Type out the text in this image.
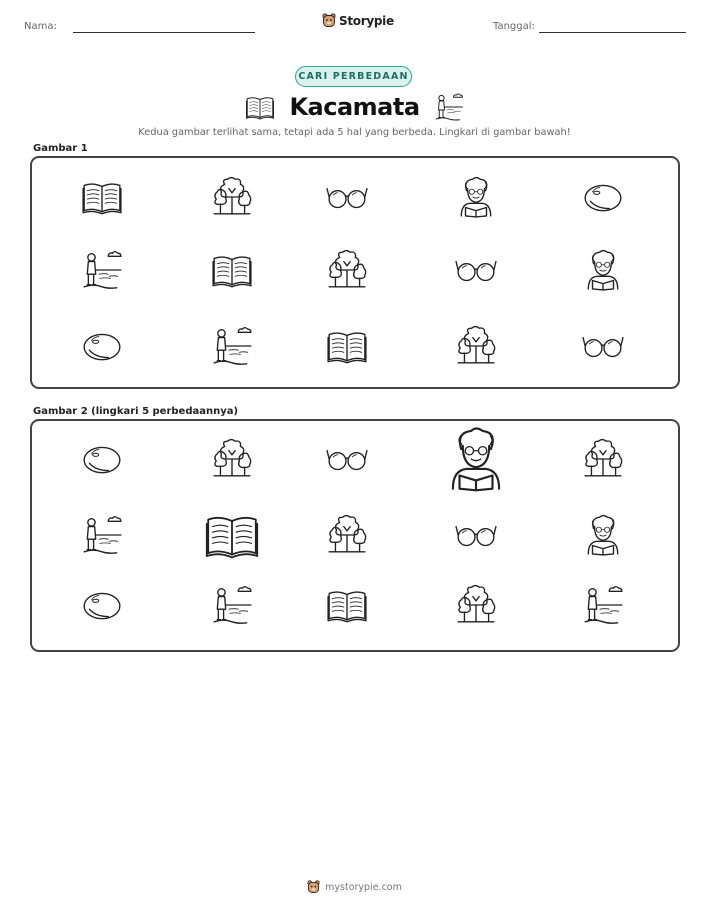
Nama:	Storypie	Tanggal:
CARI PERBEDAAN
Kacamata
Kedua gambar terlihat sama, tetapi ada 5 hal yang berbeda. Lingkari di gambar bawah!
Gambar 1
Gambar 2 (lingkari 5 perbedaannya)
mystorypie.com
